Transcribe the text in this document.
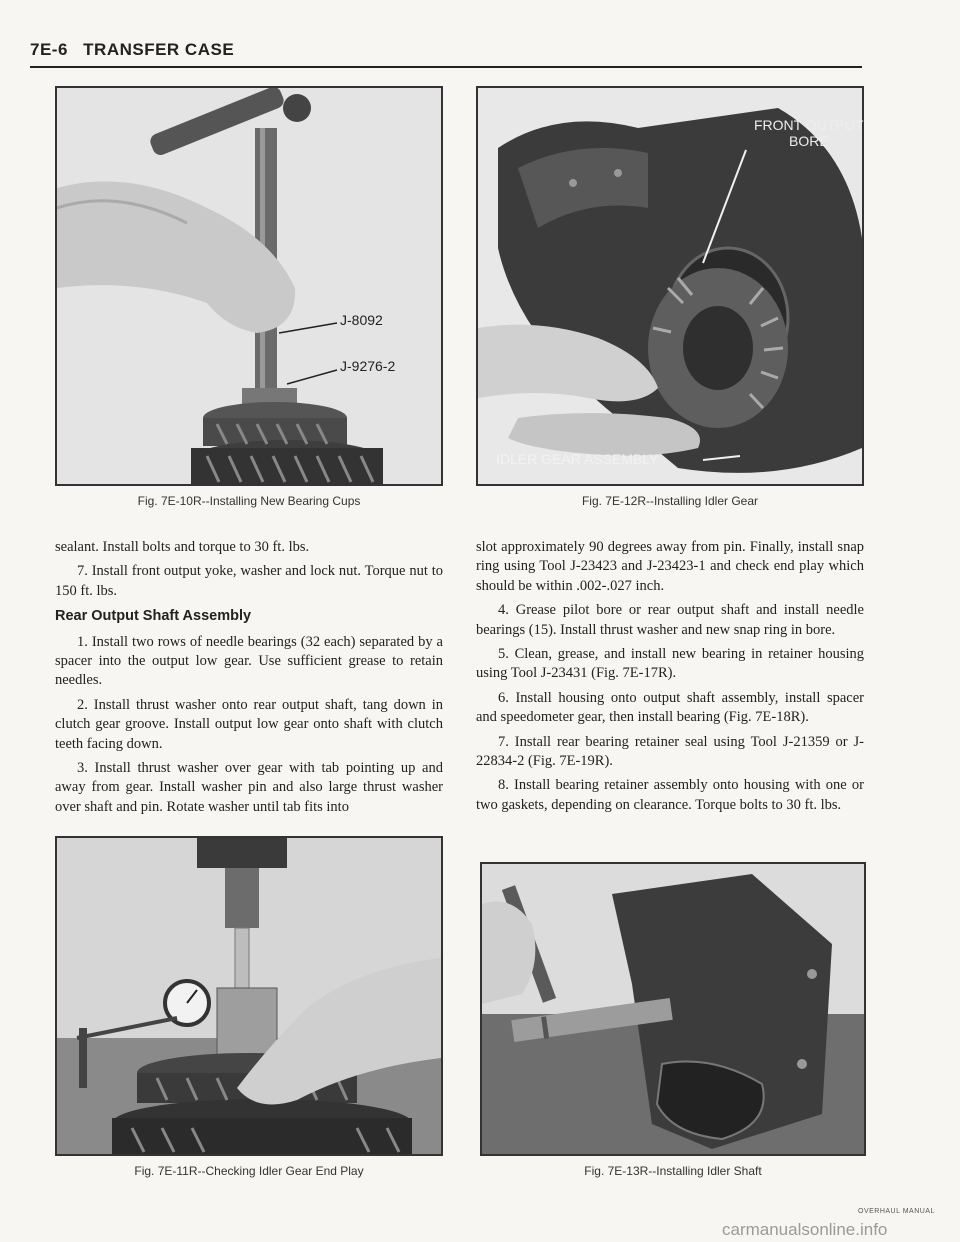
7E-6 TRANSFER CASE
J-8092
J-9276-2
Fig. 7E-10R--Installing New Bearing Cups
FRONT OUTPUT
BORE
IDLER GEAR ASSEMBLY
Fig. 7E-12R--Installing Idler Gear

sealant. Install bolts and torque to 30 ft. lbs.

7. Install front output yoke, washer and lock nut. Torque nut to 150 ft. lbs.

Rear Output Shaft Assembly

1. Install two rows of needle bearings (32 each) separated by a spacer into the output low gear. Use sufficient grease to retain needles.

2. Install thrust washer onto rear output shaft, tang down in clutch gear groove. Install output low gear onto shaft with clutch teeth facing down.

3. Install thrust washer over gear with tab pointing up and away from gear. Install washer pin and also large thrust washer over shaft and pin. Rotate washer until tab fits into

slot approximately 90 degrees away from pin. Finally, install snap ring using Tool J-23423 and J-23423-1 and check end play which should be within .002-.027 inch.

4. Grease pilot bore or rear output shaft and install needle bearings (15). Install thrust washer and new snap ring in bore.

5. Clean, grease, and install new bearing in retainer housing using Tool J-23431 (Fig. 7E-17R).

6. Install housing onto output shaft assembly, install spacer and speedometer gear, then install bearing (Fig. 7E-18R).

7. Install rear bearing retainer seal using Tool J-21359 or J-22834-2 (Fig. 7E-19R).

8. Install bearing retainer assembly onto housing with one or two gaskets, depending on clearance. Torque bolts to 30 ft. lbs.

Fig. 7E-11R--Checking Idler Gear End Play	Fig. 7E-13R--Installing Idler Shaft
OVERHAUL MANUAL
carmanualsonline.info
